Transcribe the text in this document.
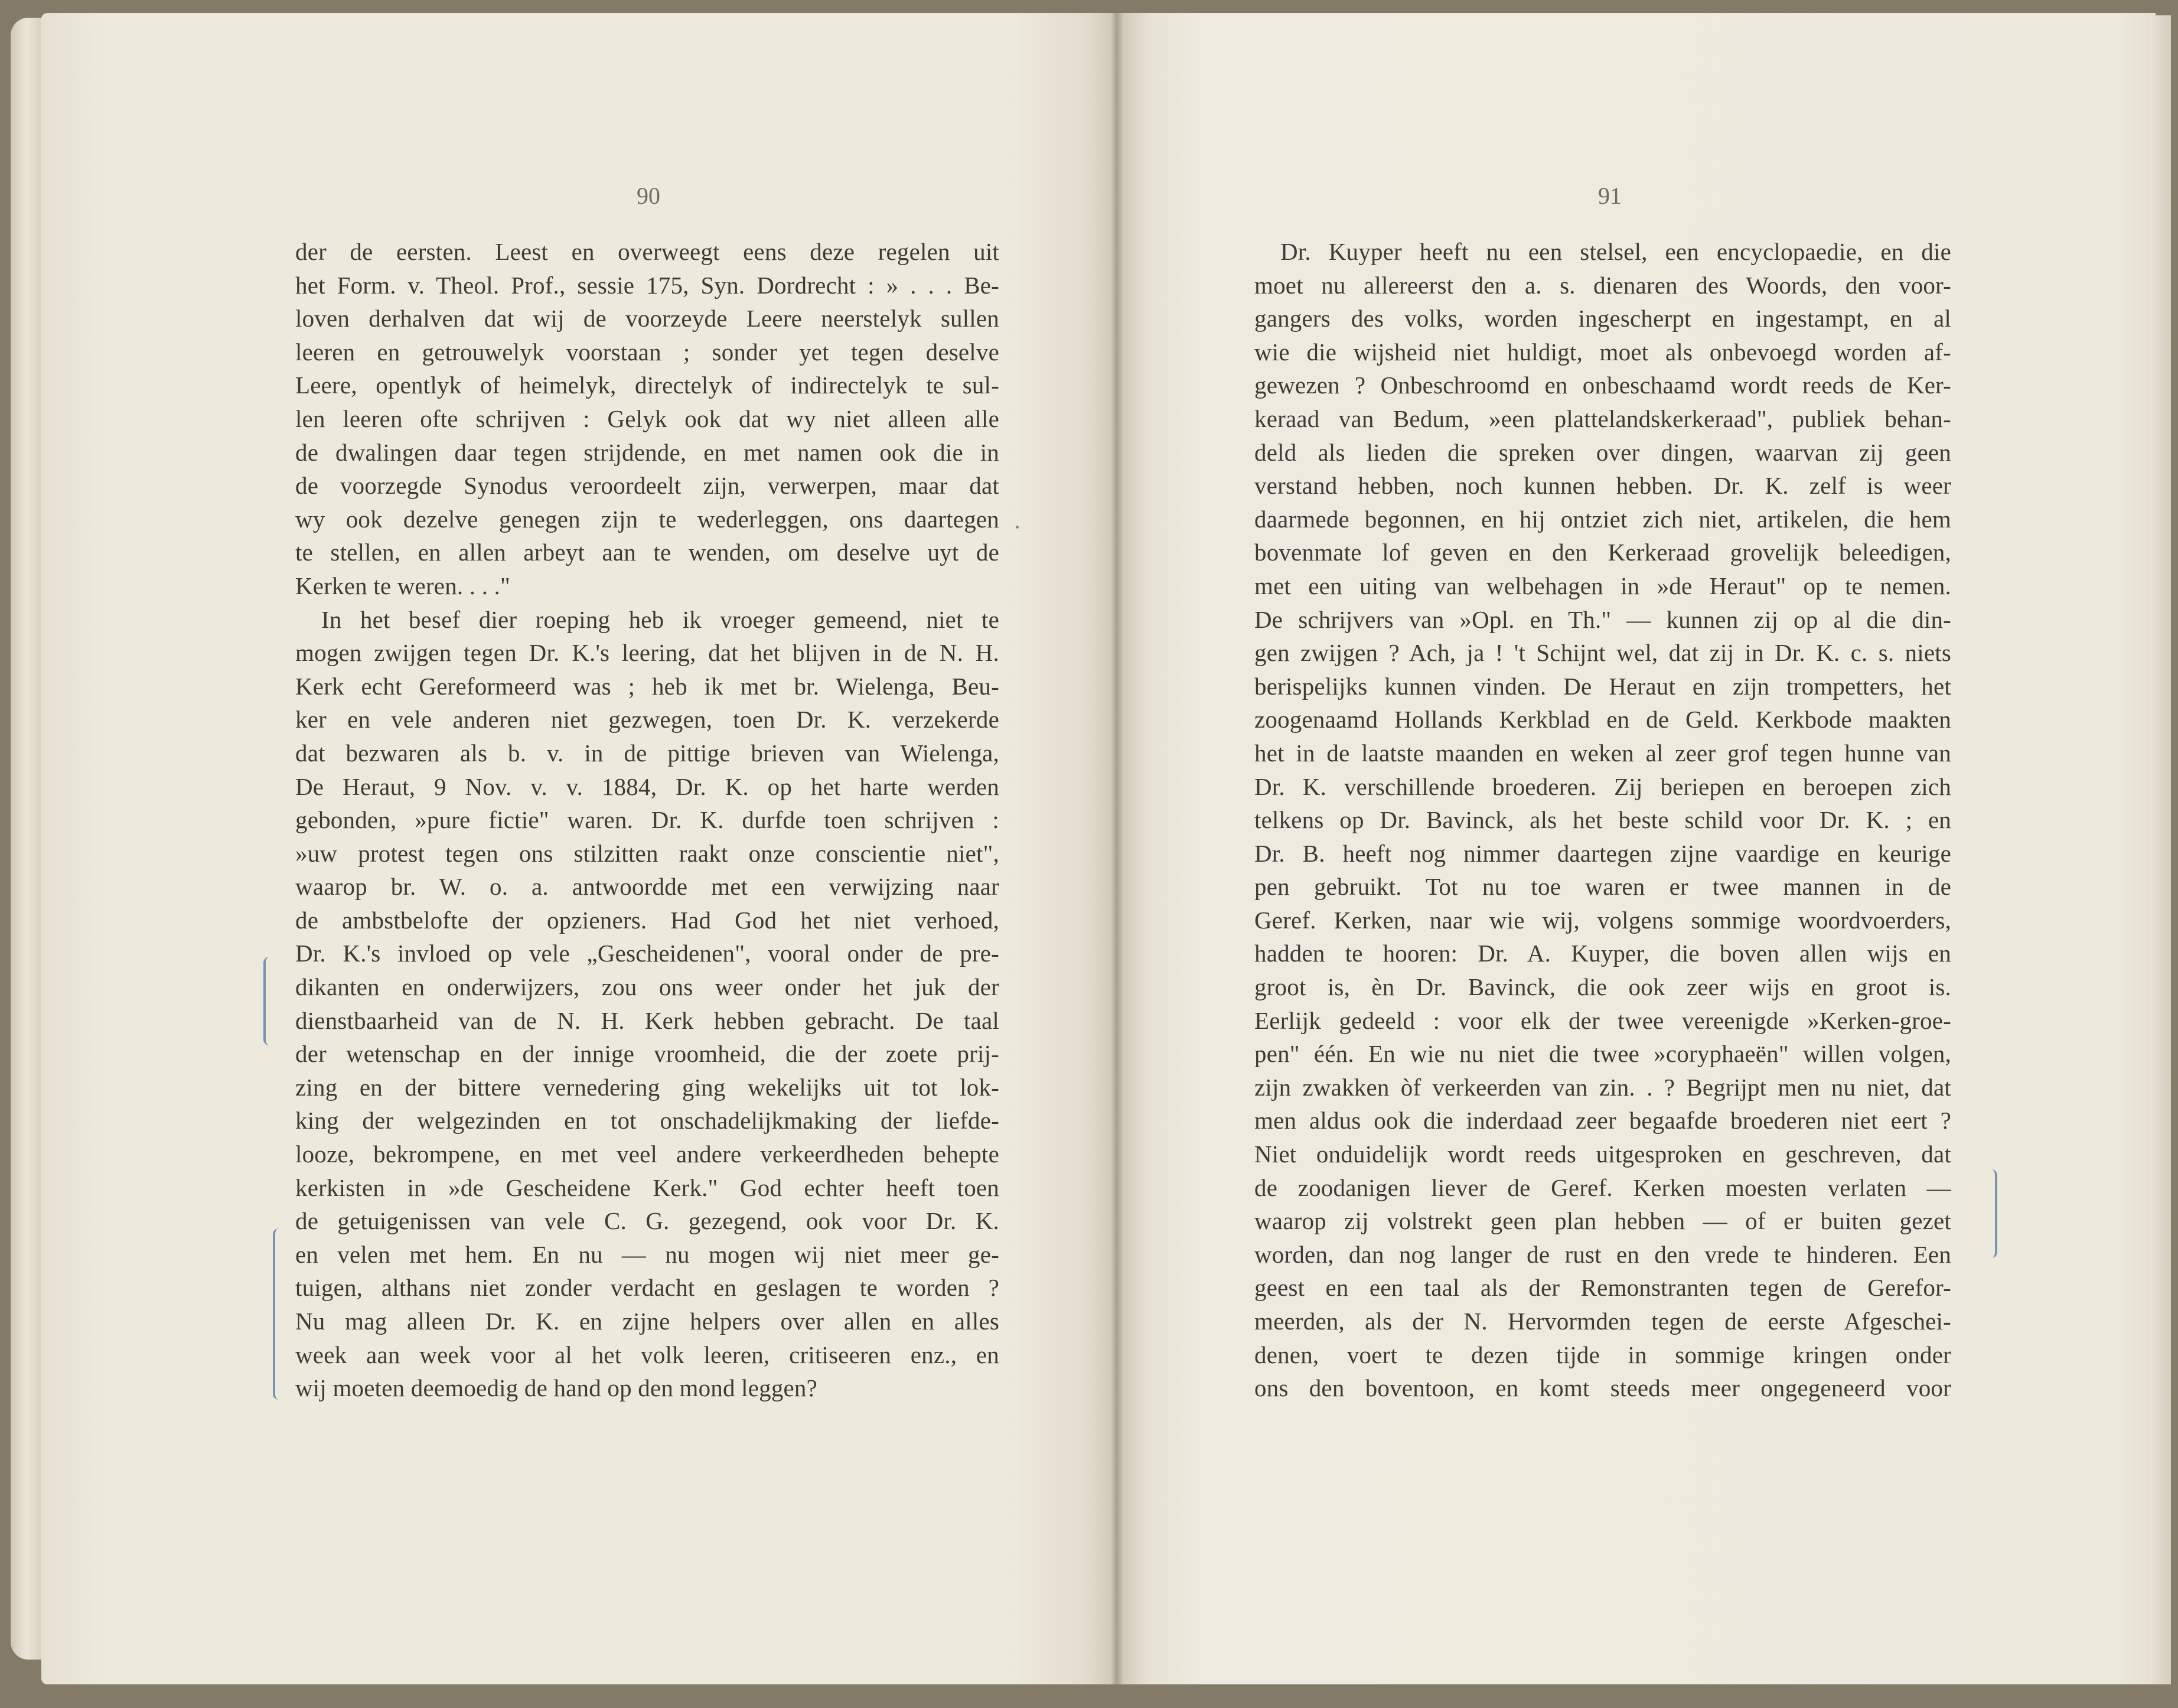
90	91
der de eersten. Leest en overweegt eens deze regelen uit
het Form. v. Theol. Prof., sessie 175, Syn. Dordrecht : » . . . Be-
loven derhalven dat wij de voorzeyde Leere neerstelyk sullen
leeren en getrouwelyk voorstaan ; sonder yet tegen deselve
Leere, opentlyk of heimelyk, directelyk of indirectelyk te sul-
len leeren ofte schrijven : Gelyk ook dat wy niet alleen alle
de dwalingen daar tegen strijdende, en met namen ook die in
de voorzegde Synodus veroordeelt zijn, verwerpen, maar dat
wy ook dezelve genegen zijn te wederleggen, ons daartegen
te stellen, en allen arbeyt aan te wenden, om deselve uyt de
Kerken te weren. . . ."
In het besef dier roeping heb ik vroeger gemeend, niet te
mogen zwijgen tegen Dr. K.'s leering, dat het blijven in de N. H.
Kerk echt Gereformeerd was ; heb ik met br. Wielenga, Beu-
ker en vele anderen niet gezwegen, toen Dr. K. verzekerde
dat bezwaren als b. v. in de pittige brieven van Wielenga,
De Heraut, 9 Nov. v. v. 1884, Dr. K. op het harte werden
gebonden, »pure fictie" waren. Dr. K. durfde toen schrijven :
»uw protest tegen ons stilzitten raakt onze conscientie niet",
waarop br. W. o. a. antwoordde met een verwijzing naar
de ambstbelofte der opzieners. Had God het niet verhoed,
Dr. K.'s invloed op vele „Gescheidenen", vooral onder de pre-
dikanten en onderwijzers, zou ons weer onder het juk der
dienstbaarheid van de N. H. Kerk hebben gebracht. De taal
der wetenschap en der innige vroomheid, die der zoete prij-
zing en der bittere vernedering ging wekelijks uit tot lok-
king der welgezinden en tot onschadelijkmaking der liefde-
looze, bekrompene, en met veel andere verkeerdheden behepte
kerkisten in »de Gescheidene Kerk." God echter heeft toen
de getuigenissen van vele C. G. gezegend, ook voor Dr. K.
en velen met hem. En nu — nu mogen wij niet meer ge-
tuigen, althans niet zonder verdacht en geslagen te worden ?
Nu mag alleen Dr. K. en zijne helpers over allen en alles
week aan week voor al het volk leeren, critiseeren enz., en
wij moeten deemoedig de hand op den mond leggen?
Dr. Kuyper heeft nu een stelsel, een encyclopaedie, en die
moet nu allereerst den a. s. dienaren des Woords, den voor-
gangers des volks, worden ingescherpt en ingestampt, en al
wie die wijsheid niet huldigt, moet als onbevoegd worden af-
gewezen ? Onbeschroomd en onbeschaamd wordt reeds de Ker-
keraad van Bedum, »een plattelandskerkeraad", publiek behan-
deld als lieden die spreken over dingen, waarvan zij geen
verstand hebben, noch kunnen hebben. Dr. K. zelf is weer
daarmede begonnen, en hij ontziet zich niet, artikelen, die hem
bovenmate lof geven en den Kerkeraad grovelijk beleedigen,
met een uiting van welbehagen in »de Heraut" op te nemen.
De schrijvers van »Opl. en Th." — kunnen zij op al die din-
gen zwijgen ? Ach, ja ! 't Schijnt wel, dat zij in Dr. K. c. s. niets
berispelijks kunnen vinden. De Heraut en zijn trompetters, het
zoogenaamd Hollands Kerkblad en de Geld. Kerkbode maakten
het in de laatste maanden en weken al zeer grof tegen hunne van
Dr. K. verschillende broederen. Zij beriepen en beroepen zich
telkens op Dr. Bavinck, als het beste schild voor Dr. K. ; en
Dr. B. heeft nog nimmer daartegen zijne vaardige en keurige
pen gebruikt. Tot nu toe waren er twee mannen in de
Geref. Kerken, naar wie wij, volgens sommige woordvoerders,
hadden te hooren: Dr. A. Kuyper, die boven allen wijs en
groot is, èn Dr. Bavinck, die ook zeer wijs en groot is.
Eerlijk gedeeld : voor elk der twee vereenigde »Kerken-groe-
pen" één. En wie nu niet die twee »coryphaeën" willen volgen,
zijn zwakken òf verkeerden van zin. . ? Begrijpt men nu niet, dat
men aldus ook die inderdaad zeer begaafde broederen niet eert ?
Niet onduidelijk wordt reeds uitgesproken en geschreven, dat
de zoodanigen liever de Geref. Kerken moesten verlaten —
waarop zij volstrekt geen plan hebben — of er buiten gezet
worden, dan nog langer de rust en den vrede te hinderen. Een
geest en een taal als der Remonstranten tegen de Gerefor-
meerden, als der N. Hervormden tegen de eerste Afgeschei-
denen, voert te dezen tijde in sommige kringen onder
ons den boventoon, en komt steeds meer ongegeneerd voor
